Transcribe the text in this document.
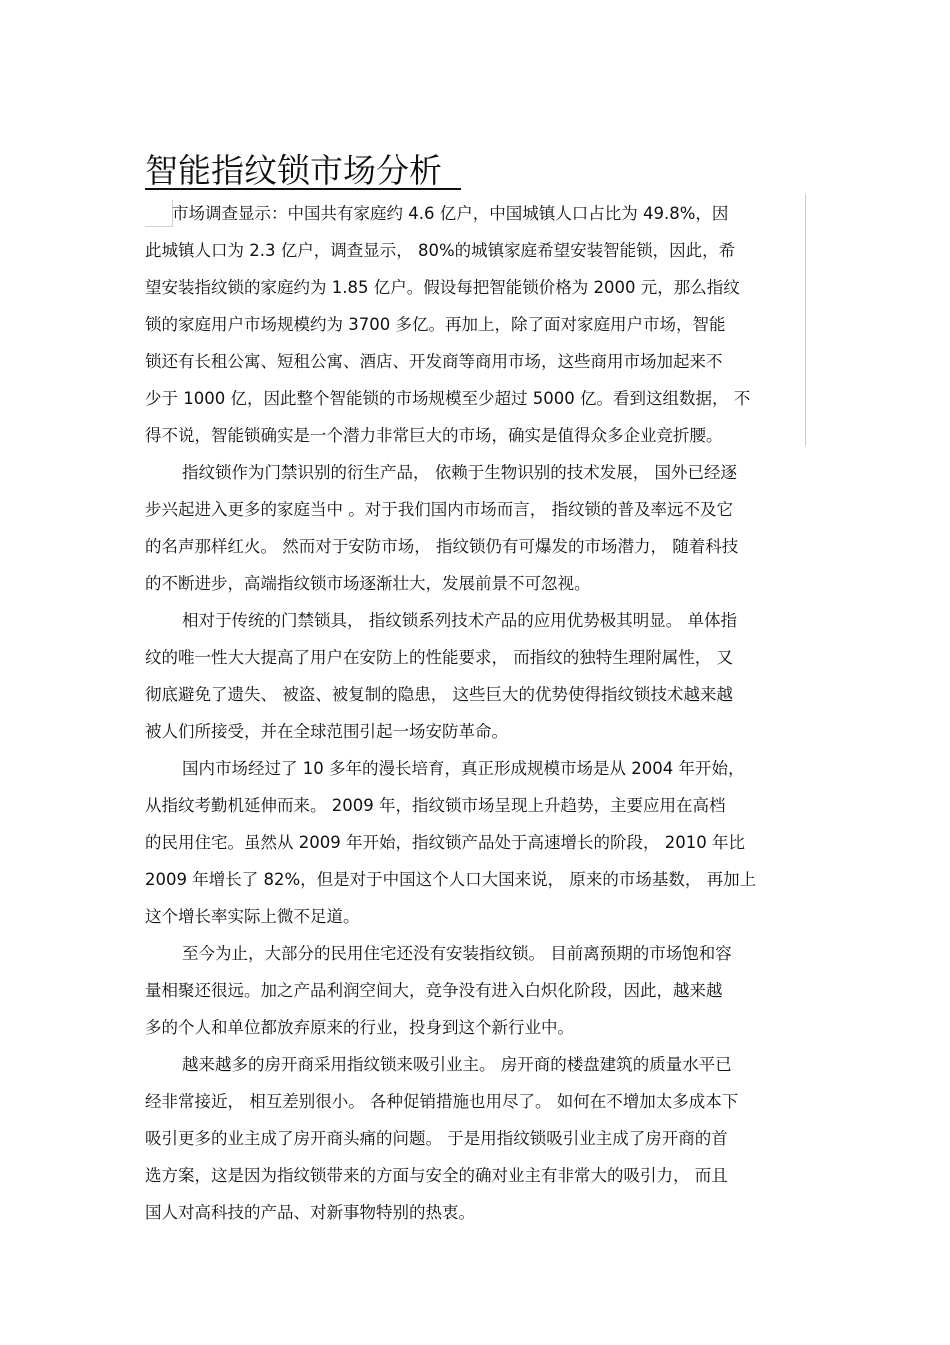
智能指纹锁市场分析

市场调查显示：中国共有家庭约 4.6 亿户，中国城镇人口占比为 49.8%，因

此城镇人口为 2.3 亿户，调查显示， 80%的城镇家庭希望安装智能锁，因此，希

望安装指纹锁的家庭约为 1.85 亿户。假设每把智能锁价格为 2000 元，那么指纹

锁的家庭用户市场规模约为 3700 多亿。再加上，除了面对家庭用户市场，智能

锁还有长租公寓、短租公寓、酒店、开发商等商用市场，这些商用市场加起来不

少于 1000 亿，因此整个智能锁的市场规模至少超过 5000 亿。看到这组数据， 不

得不说，智能锁确实是一个潜力非常巨大的市场，确实是值得众多企业竞折腰。

指纹锁作为门禁识别的衍生产品， 依赖于生物识别的技术发展， 国外已经逐

步兴起进入更多的家庭当中 。对于我们国内市场而言， 指纹锁的普及率远不及它

的名声那样红火。 然而对于安防市场， 指纹锁仍有可爆发的市场潜力， 随着科技

的不断进步，高端指纹锁市场逐渐壮大，发展前景不可忽视。

相对于传统的门禁锁具， 指纹锁系列技术产品的应用优势极其明显。 单体指

纹的唯一性大大提高了用户在安防上的性能要求， 而指纹的独特生理附属性， 又

彻底避免了遗失、 被盗、被复制的隐患， 这些巨大的优势使得指纹锁技术越来越

被人们所接受，并在全球范围引起一场安防革命。

国内市场经过了 10 多年的漫长培育，真正形成规模市场是从 2004 年开始，

从指纹考勤机延伸而来。 2009 年，指纹锁市场呈现上升趋势，主要应用在高档

的民用住宅。虽然从 2009 年开始，指纹锁产品处于高速增长的阶段， 2010 年比

2009 年增长了 82%，但是对于中国这个人口大国来说， 原来的市场基数， 再加上

这个增长率实际上微不足道。

至今为止，大部分的民用住宅还没有安装指纹锁。 目前离预期的市场饱和容

量相聚还很远。加之产品利润空间大，竞争没有进入白炽化阶段，因此，越来越

多的个人和单位都放弃原来的行业，投身到这个新行业中。

越来越多的房开商采用指纹锁来吸引业主。 房开商的楼盘建筑的质量水平已

经非常接近， 相互差别很小。 各种促销措施也用尽了。 如何在不增加太多成本下

吸引更多的业主成了房开商头痛的问题。 于是用指纹锁吸引业主成了房开商的首

选方案，这是因为指纹锁带来的方面与安全的确对业主有非常大的吸引力， 而且

国人对高科技的产品、对新事物特别的热衷。
